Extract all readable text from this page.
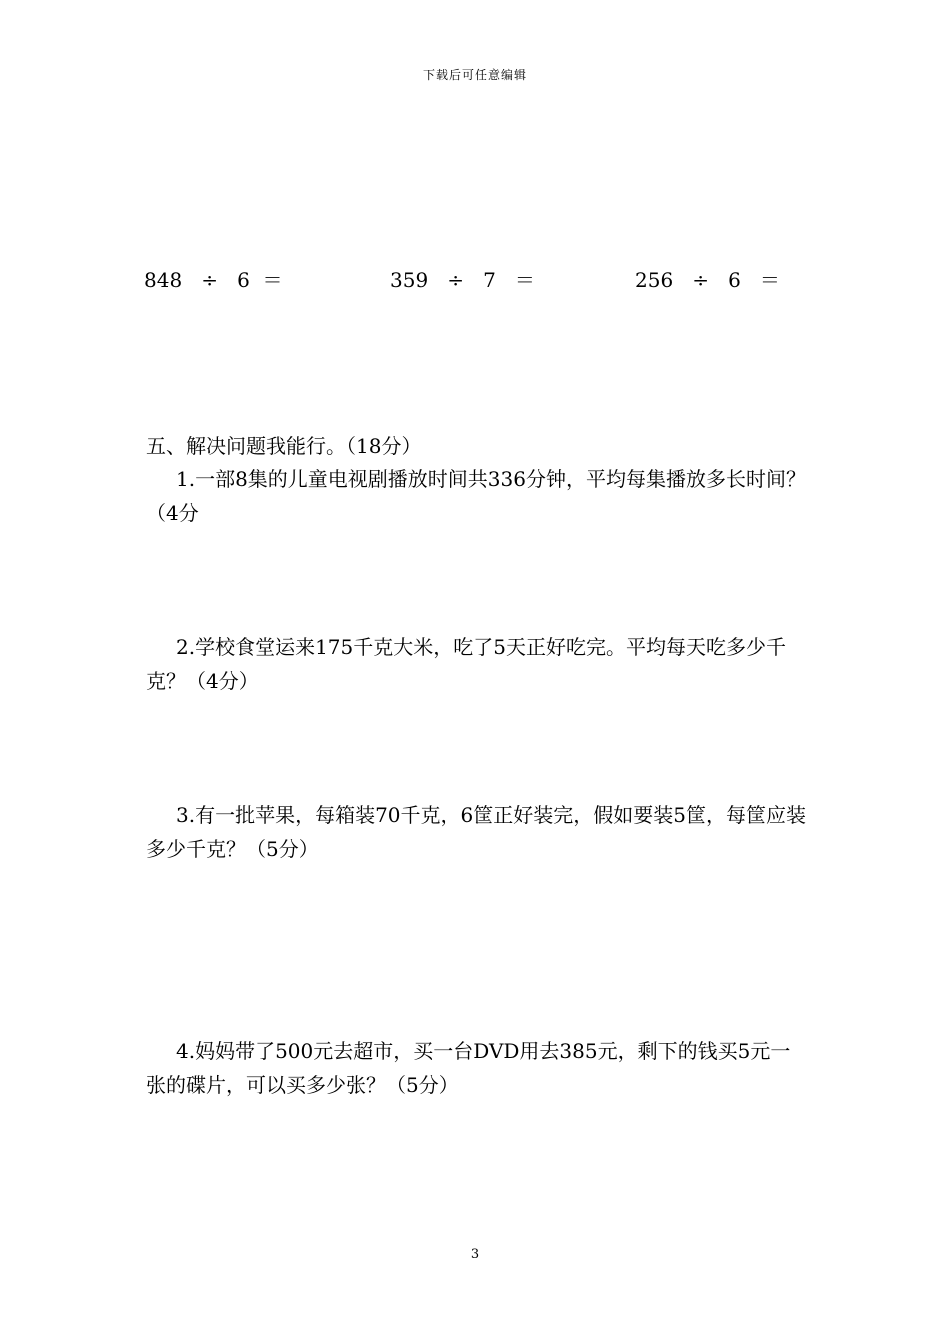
下载后可任意编辑
848   ÷   6  ＝	359   ÷   7   ＝	256   ÷   6   ＝
五、解决问题我能行。（18分）

1.一部8集的儿童电视剧播放时间共336分钟，平均每集播放多长时间？（4分

2.学校食堂运来175千克大米，吃了5天正好吃完。平均每天吃多少千克？（4分）

3.有一批苹果，每箱装70千克，6筐正好装完，假如要装5筐，每筐应装多少千克？（5分）

4.妈妈带了500元去超市，买一台DVD用去385元，剩下的钱买5元一张的碟片，可以买多少张？（5分）

3
